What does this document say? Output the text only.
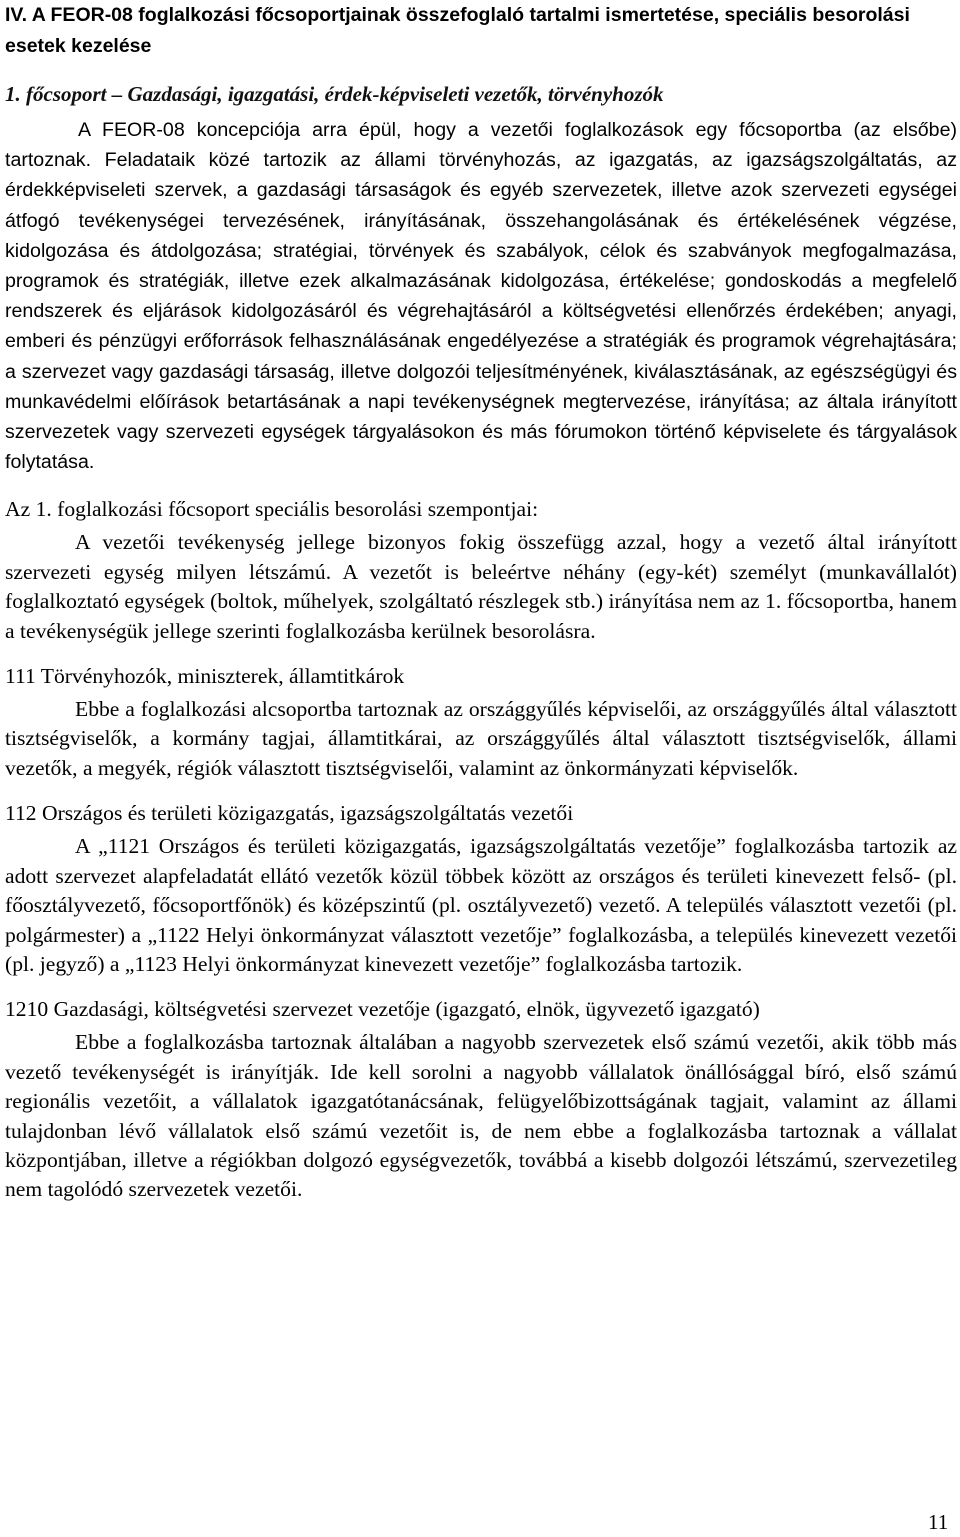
IV. A FEOR-08 foglalkozási főcsoportjainak összefoglaló tartalmi ismertetése, speciális besorolási esetek kezelése
1. főcsoport – Gazdasági, igazgatási, érdek-képviseleti vezetők, törvényhozók

A FEOR-08 koncepciója arra épül, hogy a vezetői foglalkozások egy főcsoportba (az elsőbe) tartoznak. Feladataik közé tartozik az állami törvényhozás, az igazgatás, az igazságszolgáltatás, az érdekképviseleti szervek, a gazdasági társaságok és egyéb szervezetek, illetve azok szervezeti egységei átfogó tevékenységei tervezésének, irányításának, összehangolásának és értékelésének végzése, kidolgozása és átdolgozása; stratégiai, törvények és szabályok, célok és szabványok megfogalmazása, programok és stratégiák, illetve ezek alkalmazásának kidolgozása, értékelése; gondoskodás a megfelelő rendszerek és eljárások kidolgozásáról és végrehajtásáról a költségvetési ellenőrzés érdekében; anyagi, emberi és pénzügyi erőforrások felhasználásának engedélyezése a stratégiák és programok végrehajtására; a szervezet vagy gazdasági társaság, illetve dolgozói teljesítményének, kiválasztásának, az egészségügyi és munkavédelmi előírások betartásának a napi tevékenységnek megtervezése, irányítása; az általa irányított szervezetek vagy szervezeti egységek tárgyalásokon és más fórumokon történő képviselete és tárgyalások folytatása.

Az 1. foglalkozási főcsoport speciális besorolási szempontjai:

A vezetői tevékenység jellege bizonyos fokig összefügg azzal, hogy a vezető által irányított szervezeti egység milyen létszámú. A vezetőt is beleértve néhány (egy-két) személyt (munkavállalót) foglalkoztató egységek (boltok, műhelyek, szolgáltató részlegek stb.) irányítása nem az 1. főcsoportba, hanem a tevékenységük jellege szerinti foglalkozásba kerülnek besorolásra.

111 Törvényhozók, miniszterek, államtitkárok

Ebbe a foglalkozási alcsoportba tartoznak az országgyűlés képviselői, az országgyűlés által választott tisztségviselők, a kormány tagjai, államtitkárai, az országgyűlés által választott tisztségviselők, állami vezetők, a megyék, régiók választott tisztségviselői, valamint az önkormányzati képviselők.

112 Országos és területi közigazgatás, igazságszolgáltatás vezetői

A „1121 Országos és területi közigazgatás, igazságszolgáltatás vezetője” foglalkozásba tartozik az adott szervezet alapfeladatát ellátó vezetők közül többek között az országos és területi kinevezett felső- (pl. főosztályvezető, főcsoportfőnök) és középszintű (pl. osztályvezető) vezető. A település választott vezetői (pl. polgármester) a „1122 Helyi önkormányzat választott vezetője” foglalkozásba, a település kinevezett vezetői (pl. jegyző) a „1123 Helyi önkormányzat kinevezett vezetője” foglalkozásba tartozik.

1210 Gazdasági, költségvetési szervezet vezetője (igazgató, elnök, ügyvezető igazgató)

Ebbe a foglalkozásba tartoznak általában a nagyobb szervezetek első számú vezetői, akik több más vezető tevékenységét is irányítják. Ide kell sorolni a nagyobb vállalatok önállósággal bíró, első számú regionális vezetőit, a vállalatok igazgatótanácsának, felügyelőbizottságának tagjait, valamint az állami tulajdonban lévő vállalatok első számú vezetőit is, de nem ebbe a foglalkozásba tartoznak a vállalat központjában, illetve a régiókban dolgozó egységvezetők, továbbá a kisebb dolgozói létszámú, szervezetileg nem tagolódó szervezetek vezetői.

11
